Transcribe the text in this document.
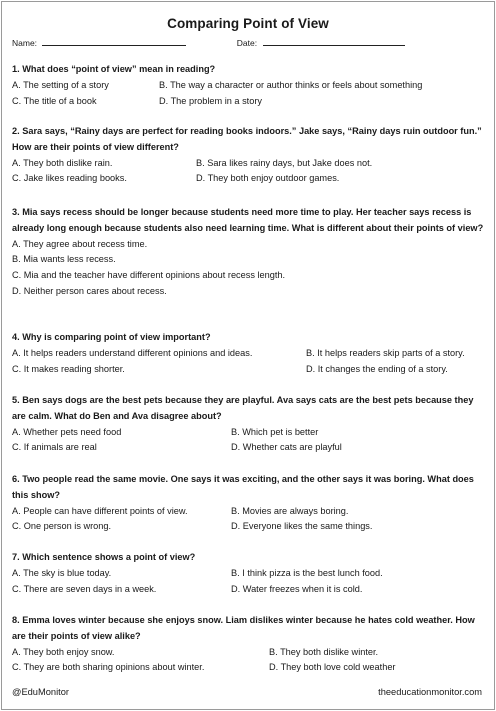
Comparing Point of View
Name:	Date:
1. What does “point of view” mean in reading?
A. The setting of a story	B. The way a character or author thinks or feels about something
C. The title of a book	D. The problem in a story
2. Sara says, “Rainy days are perfect for reading books indoors.” Jake says, “Rainy days ruin outdoor fun.” How are their points of view different?
A. They both dislike rain.	B. Sara likes rainy days, but Jake does not.
C. Jake likes reading books.	D. They both enjoy outdoor games.
3. Mia says recess should be longer because students need more time to play. Her teacher says recess is already long enough because students also need learning time. What is different about their points of view?
A. They agree about recess time.
B. Mia wants less recess.
C. Mia and the teacher have different opinions about recess length.
D. Neither person cares about recess.
4. Why is comparing point of view important?
A. It helps readers understand different opinions and ideas.	B. It helps readers skip parts of a story.
C. It makes reading shorter.	D. It changes the ending of a story.
5. Ben says dogs are the best pets because they are playful. Ava says cats are the best pets because they are calm. What do Ben and Ava disagree about?
A. Whether pets need food	B. Which pet is better
C. If animals are real	D. Whether cats are playful
6. Two people read the same movie. One says it was exciting, and the other says it was boring. What does this show?
A. People can have different points of view.	B. Movies are always boring.
C. One person is wrong.	D. Everyone likes the same things.
7. Which sentence shows a point of view?
A. The sky is blue today.	B. I think pizza is the best lunch food.
C. There are seven days in a week.	D. Water freezes when it is cold.
8. Emma loves winter because she enjoys snow. Liam dislikes winter because he hates cold weather. How are their points of view alike?
A. They both enjoy snow.	B. They both dislike winter.
C. They are both sharing opinions about winter.	D. They both love cold weather
@EduMonitor	theeducationmonitor.com
